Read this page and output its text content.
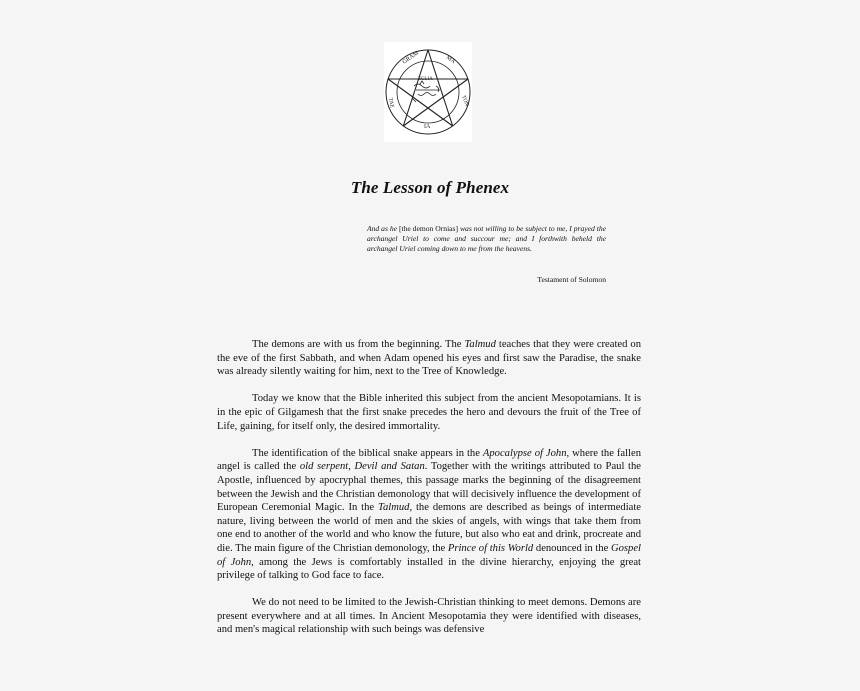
GRAM	MA
TAE	TON
IA
ECLIA
The Lesson of Phenex
And as he [the demon Ornias] was not willing to be subject to me, I prayed the archangel Uriel to come and succour me; and I forthwith beheld the archangel Uriel coming down to me from the heavens.
Testament of Solomon

The demons are with us from the beginning. The Talmud teaches that they were created on the eve of the first Sabbath, and when Adam opened his eyes and first saw the Paradise, the snake was already silently waiting for him, next to the Tree of Knowledge.

Today we know that the Bible inherited this subject from the ancient Mesopotamians. It is in the epic of Gilgamesh that the first snake precedes the hero and devours the fruit of the Tree of Life, gaining, for itself only, the desired immortality.

The identification of the biblical snake appears in the Apocalypse of John, where the fallen angel is called the old serpent, Devil and Satan. Together with the writings attributed to Paul the Apostle, influenced by apocryphal themes, this passage marks the beginning of the disagreement between the Jewish and the Christian demonology that will decisively influence the development of European Ceremonial Magic. In the Talmud, the demons are described as beings of intermediate nature, living between the world of men and the skies of angels, with wings that take them from one end to another of the world and who know the future, but also who eat and drink, procreate and die. The main figure of the Christian demonology, the Prince of this World denounced in the Gospel of John, among the Jews is comfortably installed in the divine hierarchy, enjoying the great privilege of talking to God face to face.

We do not need to be limited to the Jewish-Christian thinking to meet demons. Demons are present everywhere and at all times. In Ancient Mesopotamia they were identified with diseases, and men's magical relationship with such beings was defensive
